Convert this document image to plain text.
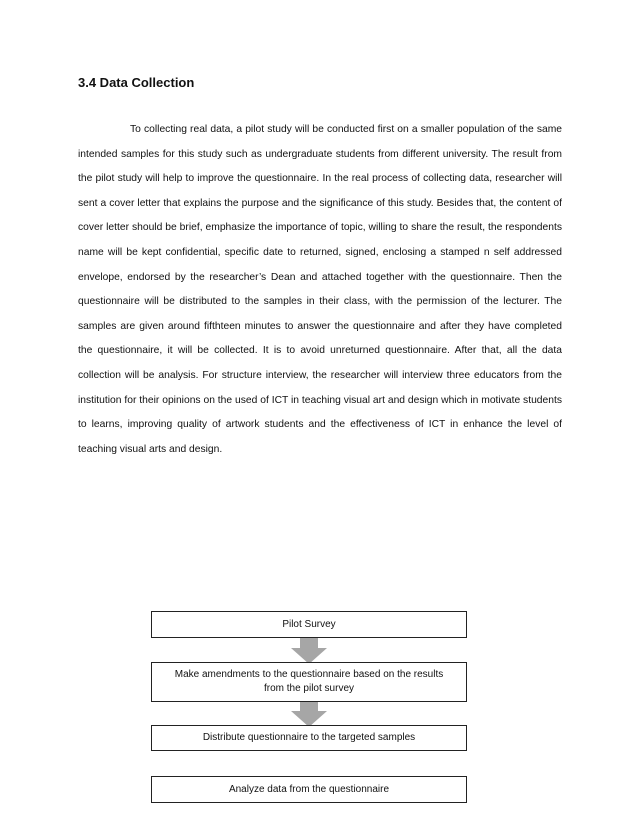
3.4 Data Collection

To collecting real data, a pilot study will be conducted first on a smaller population of the same intended samples for this study such as undergraduate students from different university. The result from the pilot study will help to improve the questionnaire. In the real process of collecting data, researcher will sent a cover letter that explains the purpose and the significance of this study. Besides that, the content of cover letter should be brief, emphasize the importance of topic, willing to share the result, the respondents name will be kept confidential, specific date to returned, signed, enclosing a stamped n self addressed envelope, endorsed by the researcher’s Dean and attached together with the questionnaire. Then the questionnaire will be distributed to the samples in their class, with the permission of the lecturer. The samples are given around fifthteen minutes to answer the questionnaire and after they have completed the questionnaire, it will be collected. It is to avoid unreturned questionnaire. After that, all the data collection will be analysis. For structure interview, the researcher will interview three educators from the institution for their opinions on the used of ICT in teaching visual art and design which in motivate students to learns, improving quality of artwork students and the effectiveness of ICT in enhance the level of teaching visual arts and design.

Pilot Survey
Make amendments to the questionnaire based on the results from the pilot survey
Distribute questionnaire to the targeted samples
Analyze data from the questionnaire
